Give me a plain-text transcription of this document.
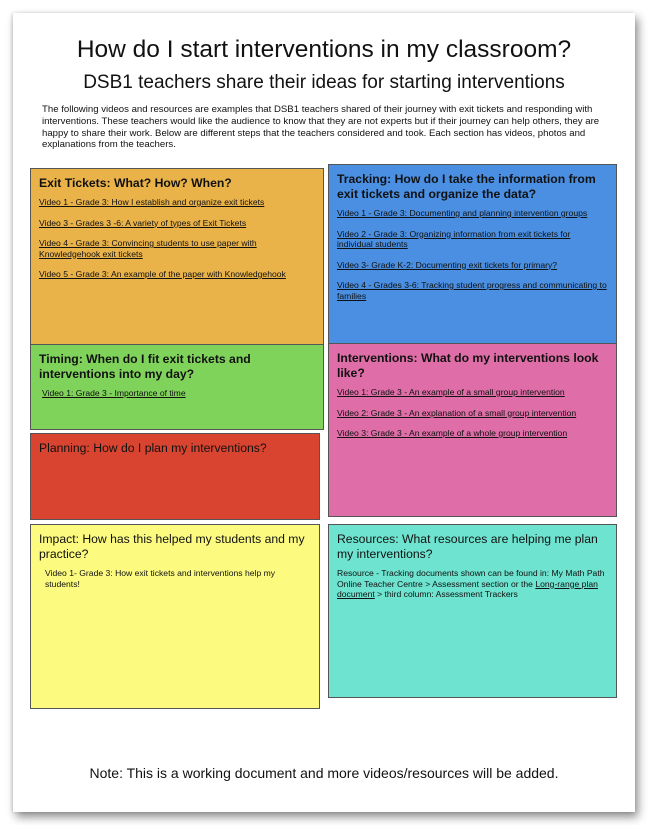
How do I start interventions in my classroom?

DSB1 teachers share their ideas for starting interventions

The following videos and resources are examples that DSB1 teachers shared of their journey with exit tickets and responding with interventions. These teachers would like the audience to know that they are not experts but if their journey can help others, they are happy to share their work. Below are different steps that the teachers considered and took. Each section has videos, photos and explanations from the teachers.

Exit Tickets: What? How? When?
Video 1 - Grade 3: How I establish and organize exit tickets
Video 3 - Grades 3 -6: A variety of types of Exit Tickets
Video 4 - Grade 3: Convincing students to use paper with Knowledgehook exit tickets
Video 5 - Grade 3: An example of the paper with Knowledgehook
Tracking: How do I take the information from exit tickets and organize the data?
Video 1 - Grade 3: Documenting and planning intervention groups
Video 2 - Grade 3: Organizing information from exit tickets for individual students
Video 3- Grade K-2: Documenting exit tickets for primary?
Video 4 - Grades 3-6: Tracking student progress and communicating to families
Timing: When do I fit exit tickets and interventions into my day?
Video 1: Grade 3 - Importance of time
Interventions: What do my interventions look like?
Video 1: Grade 3 - An example of a small group intervention
Video 2: Grade 3 - An explanation of a small group intervention
Video 3: Grade 3 - An example of a whole group intervention
Planning: How do I plan my interventions?
Impact: How has this helped my students and my practice?

Video 1- Grade 3: How exit tickets and interventions help my students!

Resources: What resources are helping me plan my interventions?

Resource - Tracking documents shown can be found in: My Math Path Online Teacher Centre > Assessment section or the Long-range plan document > third column: Assessment Trackers

Note: This is a working document and more videos/resources will be added.
